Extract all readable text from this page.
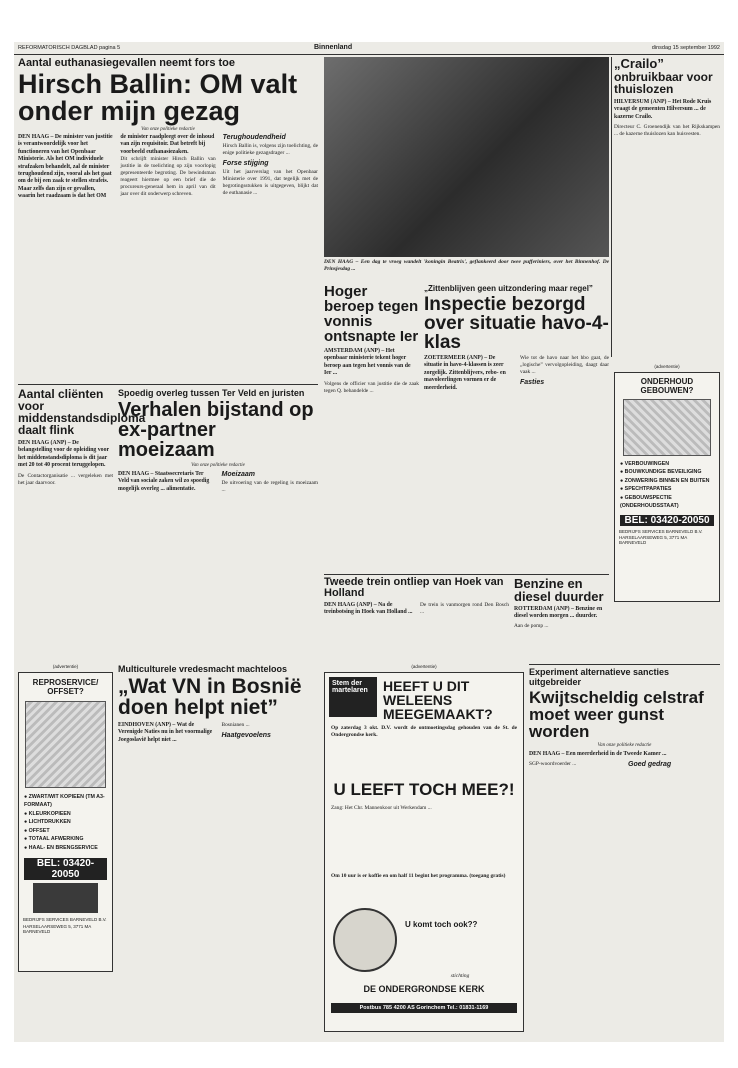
REFORMATORISCH DAGBLAD pagina 5	Binnenland	dinsdag 15 september 1992
Aantal euthanasiegevallen neemt fors toe
Hirsch Ballin: OM valt onder mijn gezag
Van onze politieke redactie
DEN HAAG – De minister van justitie is verantwoordelijk voor het functioneren van het Openbaar Ministerie. Als het OM individuele strafzaken behandelt, zal de minister terughoudend zijn, vooral als het gaat om de bij een zaak te stellen strafeis. Maar zelfs dan zijn er gevallen, waarin het raadzaam is dat het OM de minister raadpleegt over de inhoud van zijn requisitoir. Dat betreft bij voorbeeld euthanasiezaken.
Dit schrijft minister Hirsch Ballin van justitie in de toelichting op zijn voorlopig gepresenteerde begroting. De bewindsman reageert hiermee op een brief die de procureurs-generaal hem in april van dit jaar over dit onderwerp schreven.
Terughoudendheid
Hirsch Ballin is, volgens zijn toelichting, de enige politieke gezagsdrager ...
Forse stijging
Uit het jaarverslag van het Openbaar Ministerie over 1991, dat tegelijk met de begrotingsstukken is uitgegeven, blijkt dat de euthanasie ...
DEN HAAG – Een dag te vroeg wandelt 'koningin Beatrix', geflankeerd door twee pufferiniers, over het Binnenhof. De Prinsjesdag ...
„Crailo”
onbruikbaar voor thuislozen
HILVERSUM (ANP) – Het Rode Kruis vraagt de gemeenten Hilversum ... de kazerne Crailo.
Directeur C. Groenendijk van het Rijkskampen ... de kazerne thuislozen kan huisvesten.
Hoger beroep tegen vonnis ontsnapte Ier
AMSTERDAM (ANP) – Het openbaar ministerie tekent hoger beroep aan tegen het vonnis van de Ier ...
Volgens de officier van justitie die de zaak tegen Q. behandelde ...
„Zittenblijven geen uitzondering maar regel”
Inspectie bezorgd over situatie havo-4-klas
ZOETERMEER (ANP) – De situatie in havo-4-klassen is zeer zorgelijk. Zittenblijvers, rebo- en mavoleerlingen vormen er de meerderheid.
Wie tot de havo naar het hbo gaat, de „logische” vervolgopleiding, daagt daar vaak ...
Fasties
(advertentie)
ONDERHOUD
GEBOUWEN?
● VERBOUWINGEN
● BOUWKUNDIGE BEVEILIGING
● ZONWERING BINNEN EN BUITEN
● SPECHTPAPATIES
● GEBOUWSPECTIE (ONDERHOUDSSTAAT)
BEL: 03420-20050
BEDRIJFS SERVICES BARNEVELD B.V.
HARSELAARSEWEG 5, 3771 MA BARNEVELD
Aantal cliënten voor middenstandsdiploma daalt flink
DEN HAAG (ANP) – De belangstelling voor de opleiding voor het middenstandsdiploma is dit jaar met 20 tot 40 procent teruggelopen.
De Contactorganisatie ... vergeleken met het jaar daarvoor.
Spoedig overleg tussen Ter Veld en juristen
Verhalen bijstand op ex-partner moeizaam
Van onze politieke redactie
DEN HAAG – Staatssecretaris Ter Veld van sociale zaken wil zo spoedig mogelijk overleg ... alimentatie.
Moeizaam
De uitvoering van de regeling is moeizaam ...
Tweede trein ontliep van Hoek van Holland
DEN HAAG (ANP) – Na de treinbotsing in Hoek van Holland ...
De trein is vanmorgen rond Den Bosch ...
Benzine en diesel duurder
ROTTERDAM (ANP) – Benzine en diesel worden morgen ... duurder.
Aan de pomp ...
(advertentie)
REPROSERVICE/
OFFSET?
● ZWART/WIT KOPIEEN (TM A3-FORMAAT)
● KLEURKOPIEEN
● LICHTDRUKKEN
● OFFSET
● TOTAAL AFWERKING
● HAAL- EN BRENGSERVICE
BEL: 03420-20050
BEDRIJFS SERVICES BARNEVELD B.V.
HARSELAARSEWEG 5, 3771 MA BARNEVELD
Multiculturele vredesmacht machteloos
„Wat VN in Bosnië doen helpt niet”
EINDHOVEN (ANP) – Wat de Verenigde Naties nu in het voormalige Joegoslavië helpt niet ...
Bosnianen ...
Haatgevoelens
(advertentie)
Stem der martelaren	HEEFT U DIT WELEENS MEEGEMAAKT?
Op zaterdag 3 okt. D.V. wordt de ontmoetingsdag gehouden van de St. de Ondergrondse kerk.
U LEEFT TOCH MEE?!
Zang: Het Chr. Mannenkoor uit Werkendam ...
Om 10 uur is er koffie en om half 11 begint het programma. (toegang gratis)
U komt toch ook??
stichting
DE ONDERGRONDSE KERK
Postbus 785 4200 AS Gorinchem Tel.: 01831-1169
Experiment alternatieve sancties uitgebreider
Kwijtscheldig celstraf moet weer gunst worden
Van onze politieke redactie
DEN HAAG – Een meerderheid in de Tweede Kamer ...
SGP-woordvoerder ...	Goed gedrag
